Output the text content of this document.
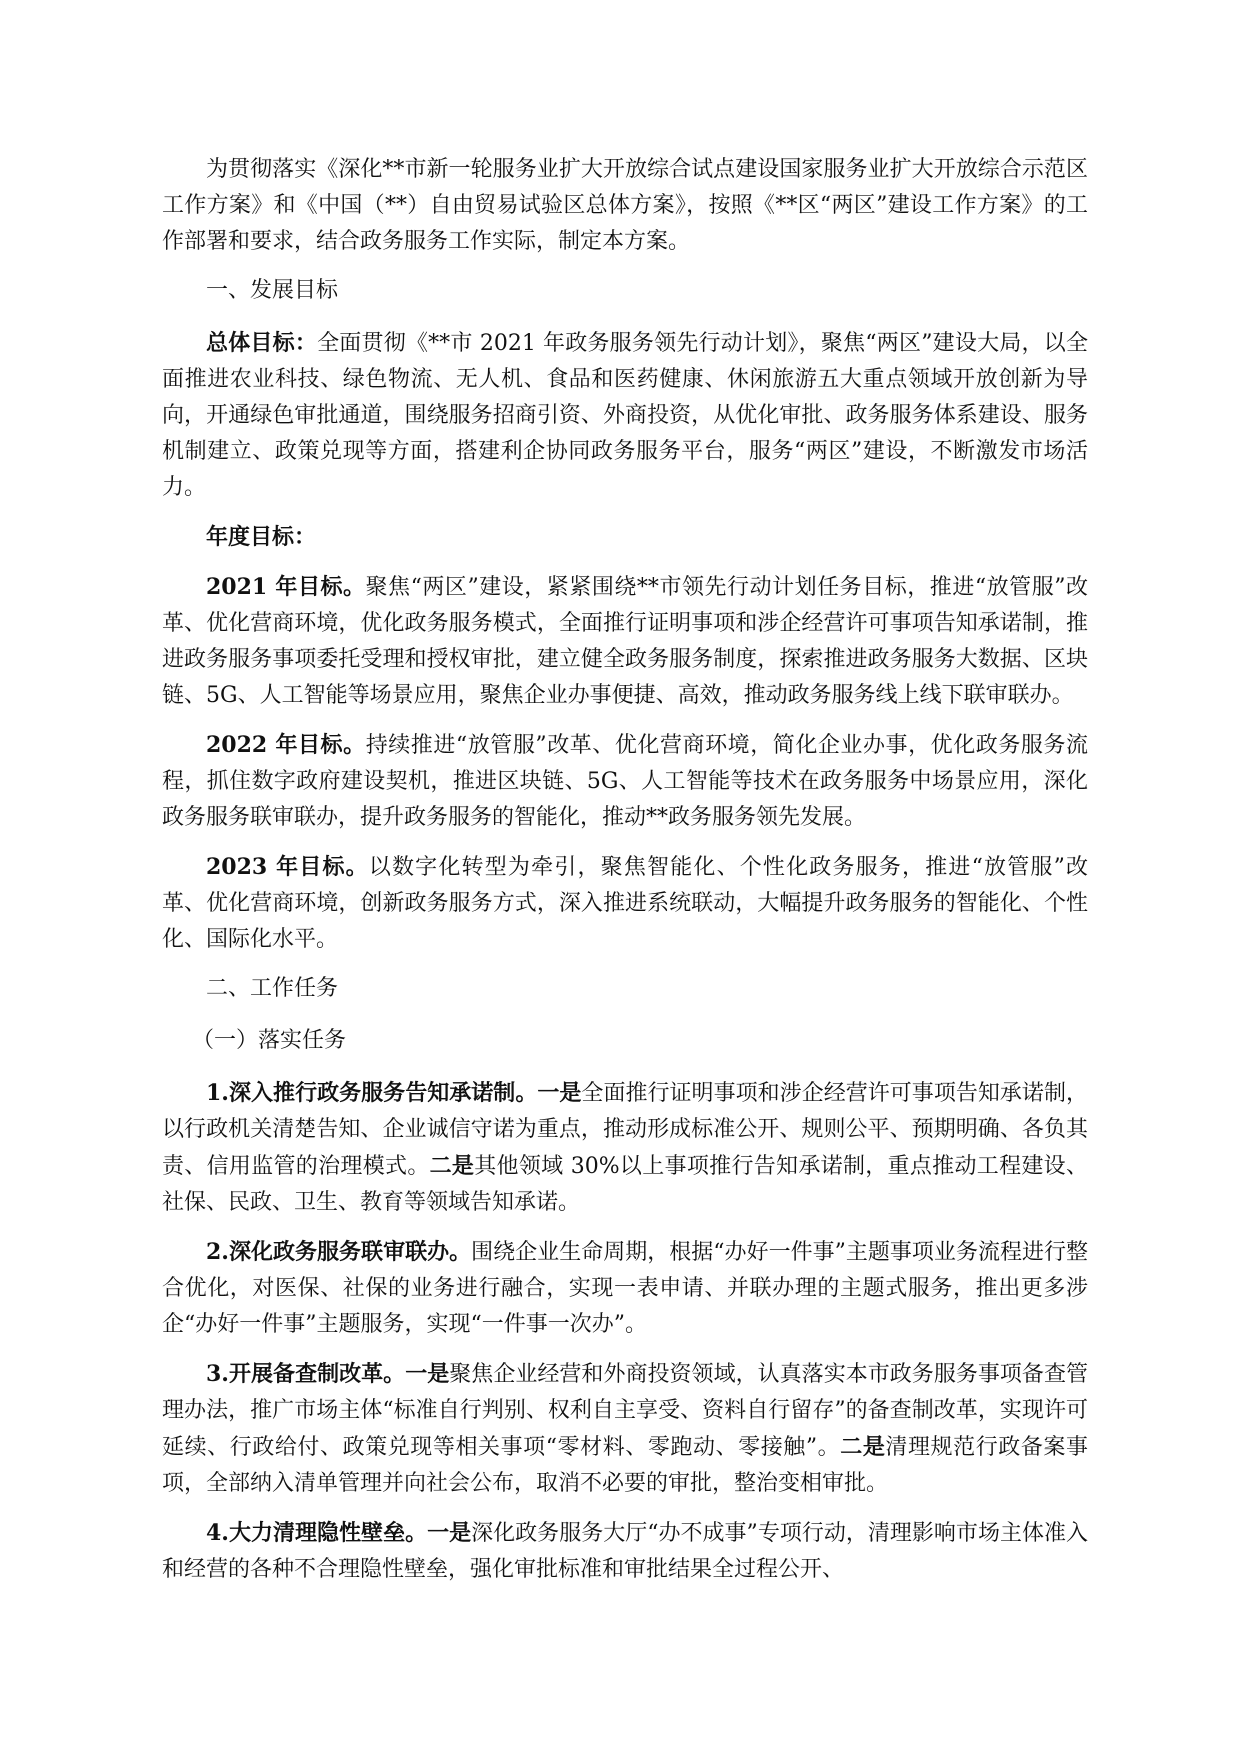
为贯彻落实《深化**市新一轮服务业扩大开放综合试点建设国家服务业扩大开放综合示范区工作方案》和《中国（**）自由贸易试验区总体方案》，按照《**区“两区”建设工作方案》的工作部署和要求，结合政务服务工作实际，制定本方案。

一、发展目标

总体目标：全面贯彻《**市 2021 年政务服务领先行动计划》，聚焦“两区”建设大局，以全面推进农业科技、绿色物流、无人机、食品和医药健康、休闲旅游五大重点领域开放创新为导向，开通绿色审批通道，围绕服务招商引资、外商投资，从优化审批、政务服务体系建设、服务机制建立、政策兑现等方面，搭建利企协同政务服务平台，服务“两区”建设，不断激发市场活力。

年度目标：

2021 年目标。聚焦“两区”建设，紧紧围绕**市领先行动计划任务目标，推进“放管服”改革、优化营商环境，优化政务服务模式，全面推行证明事项和涉企经营许可事项告知承诺制，推进政务服务事项委托受理和授权审批，建立健全政务服务制度，探索推进政务服务大数据、区块链、5G、人工智能等场景应用，聚焦企业办事便捷、高效，推动政务服务线上线下联审联办。

2022 年目标。持续推进“放管服”改革、优化营商环境，简化企业办事，优化政务服务流程，抓住数字政府建设契机，推进区块链、5G、人工智能等技术在政务服务中场景应用，深化政务服务联审联办，提升政务服务的智能化，推动**政务服务领先发展。

2023 年目标。以数字化转型为牵引，聚焦智能化、个性化政务服务，推进“放管服”改革、优化营商环境，创新政务服务方式，深入推进系统联动，大幅提升政务服务的智能化、个性化、国际化水平。

二、工作任务

（一）落实任务

1.深入推行政务服务告知承诺制。一是全面推行证明事项和涉企经营许可事项告知承诺制，以行政机关清楚告知、企业诚信守诺为重点，推动形成标准公开、规则公平、预期明确、各负其责、信用监管的治理模式。二是其他领域 30%以上事项推行告知承诺制，重点推动工程建设、社保、民政、卫生、教育等领域告知承诺。

2.深化政务服务联审联办。围绕企业生命周期，根据“办好一件事”主题事项业务流程进行整合优化，对医保、社保的业务进行融合，实现一表申请、并联办理的主题式服务，推出更多涉企“办好一件事”主题服务，实现“一件事一次办”。

3.开展备查制改革。一是聚焦企业经营和外商投资领域，认真落实本市政务服务事项备查管理办法，推广市场主体“标准自行判别、权利自主享受、资料自行留存”的备查制改革，实现许可延续、行政给付、政策兑现等相关事项“零材料、零跑动、零接触”。二是清理规范行政备案事项，全部纳入清单管理并向社会公布，取消不必要的审批，整治变相审批。

4.大力清理隐性壁垒。一是深化政务服务大厅“办不成事”专项行动，清理影响市场主体准入和经营的各种不合理隐性壁垒，强化审批标准和审批结果全过程公开、
